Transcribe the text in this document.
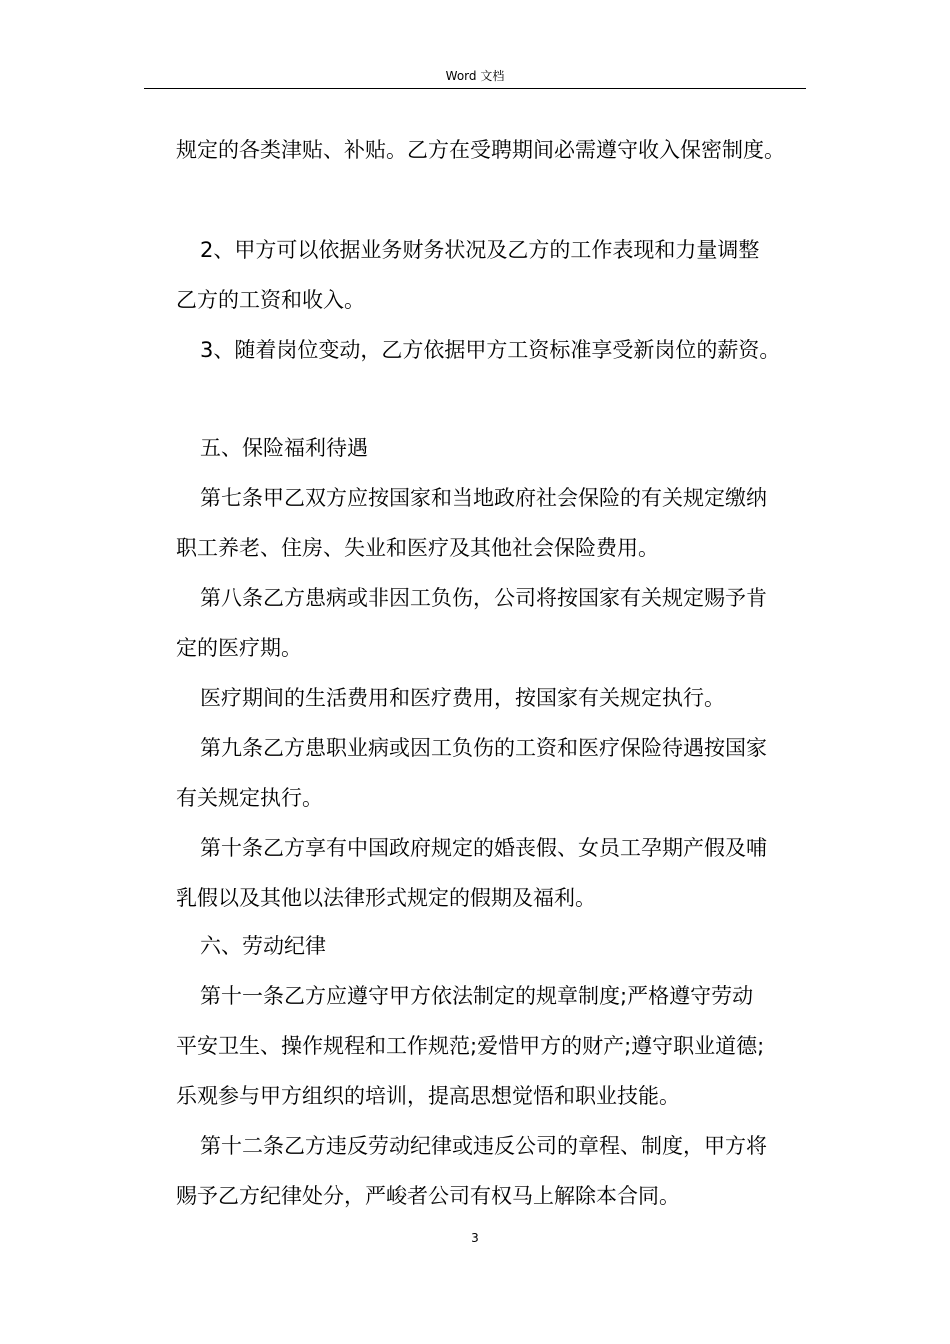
Word 文档
规定的各类津贴、补贴。乙方在受聘期间必需遵守收入保密制度。
2、甲方可以依据业务财务状况及乙方的工作表现和力量调整
乙方的工资和收入。
3、随着岗位变动，乙方依据甲方工资标准享受新岗位的薪资。
五、保险福利待遇
第七条甲乙双方应按国家和当地政府社会保险的有关规定缴纳
职工养老、住房、失业和医疗及其他社会保险费用。
第八条乙方患病或非因工负伤，公司将按国家有关规定赐予肯
定的医疗期。
医疗期间的生活费用和医疗费用，按国家有关规定执行。
第九条乙方患职业病或因工负伤的工资和医疗保险待遇按国家
有关规定执行。
第十条乙方享有中国政府规定的婚丧假、女员工孕期产假及哺
乳假以及其他以法律形式规定的假期及福利。
六、劳动纪律
第十一条乙方应遵守甲方依法制定的规章制度;严格遵守劳动
平安卫生、操作规程和工作规范;爱惜甲方的财产;遵守职业道德;
乐观参与甲方组织的培训，提高思想觉悟和职业技能。
第十二条乙方违反劳动纪律或违反公司的章程、制度，甲方将
赐予乙方纪律处分，严峻者公司有权马上解除本合同。
3
